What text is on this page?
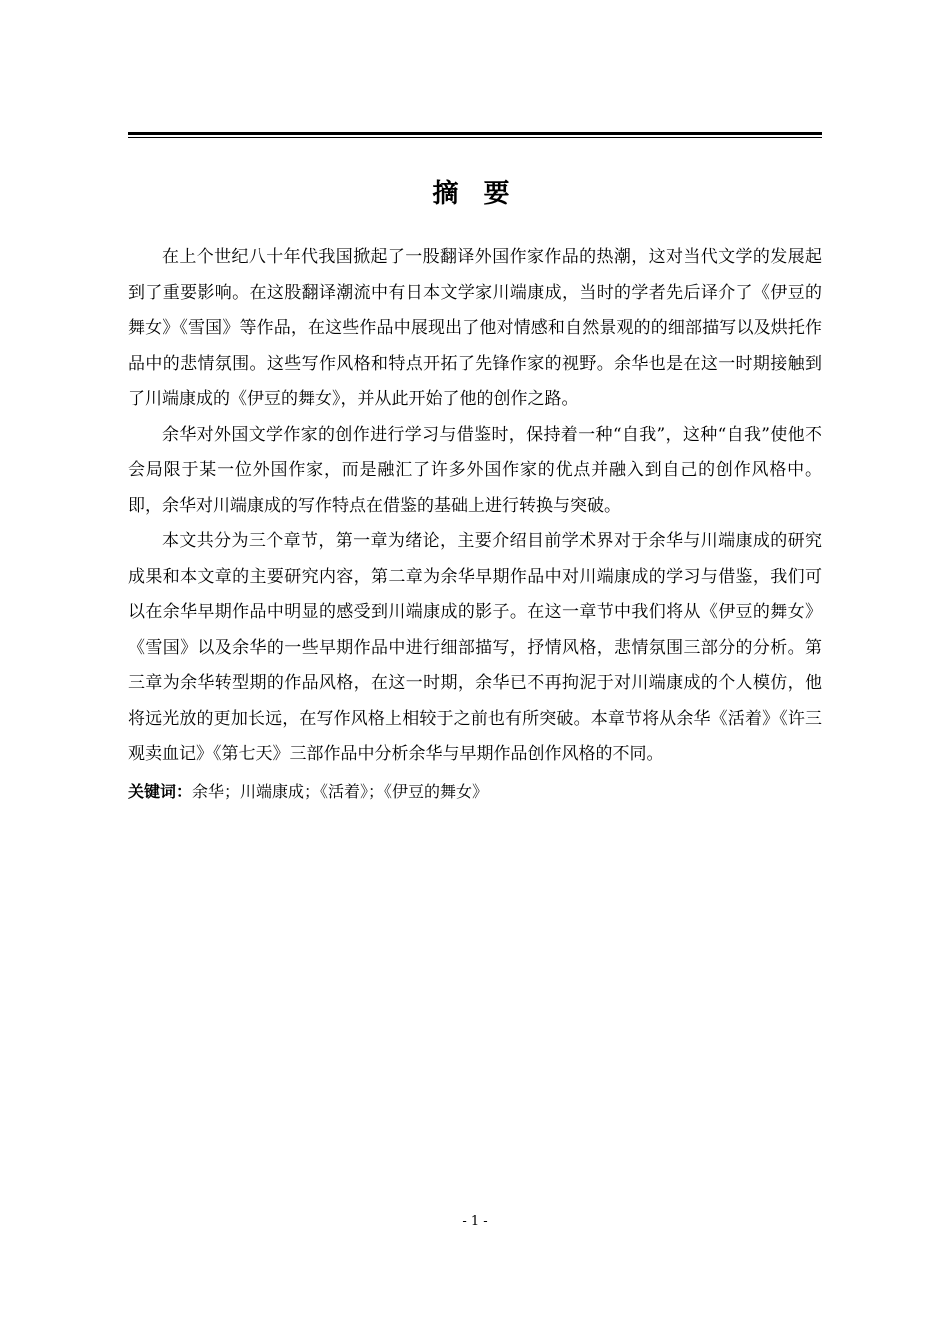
摘 要

在上个世纪八十年代我国掀起了一股翻译外国作家作品的热潮，这对当代文学的发展起到了重要影响。在这股翻译潮流中有日本文学家川端康成，当时的学者先后译介了《伊豆的舞女》《雪国》等作品，在这些作品中展现出了他对情感和自然景观的的细部描写以及烘托作品中的悲情氛围。这些写作风格和特点开拓了先锋作家的视野。余华也是在这一时期接触到了川端康成的《伊豆的舞女》，并从此开始了他的创作之路。

余华对外国文学作家的创作进行学习与借鉴时，保持着一种“自我”，这种“自我”使他不会局限于某一位外国作家，而是融汇了许多外国作家的优点并融入到自己的创作风格中。即，余华对川端康成的写作特点在借鉴的基础上进行转换与突破。

本文共分为三个章节，第一章为绪论，主要介绍目前学术界对于余华与川端康成的研究成果和本文章的主要研究内容，第二章为余华早期作品中对川端康成的学习与借鉴，我们可以在余华早期作品中明显的感受到川端康成的影子。在这一章节中我们将从《伊豆的舞女》《雪国》以及余华的一些早期作品中进行细部描写，抒情风格，悲情氛围三部分的分析。第三章为余华转型期的作品风格，在这一时期，余华已不再拘泥于对川端康成的个人模仿，他将远光放的更加长远，在写作风格上相较于之前也有所突破。本章节将从余华《活着》《许三观卖血记》《第七天》三部作品中分析余华与早期作品创作风格的不同。

关键词：余华；川端康成；《活着》；《伊豆的舞女》

- 1 -
